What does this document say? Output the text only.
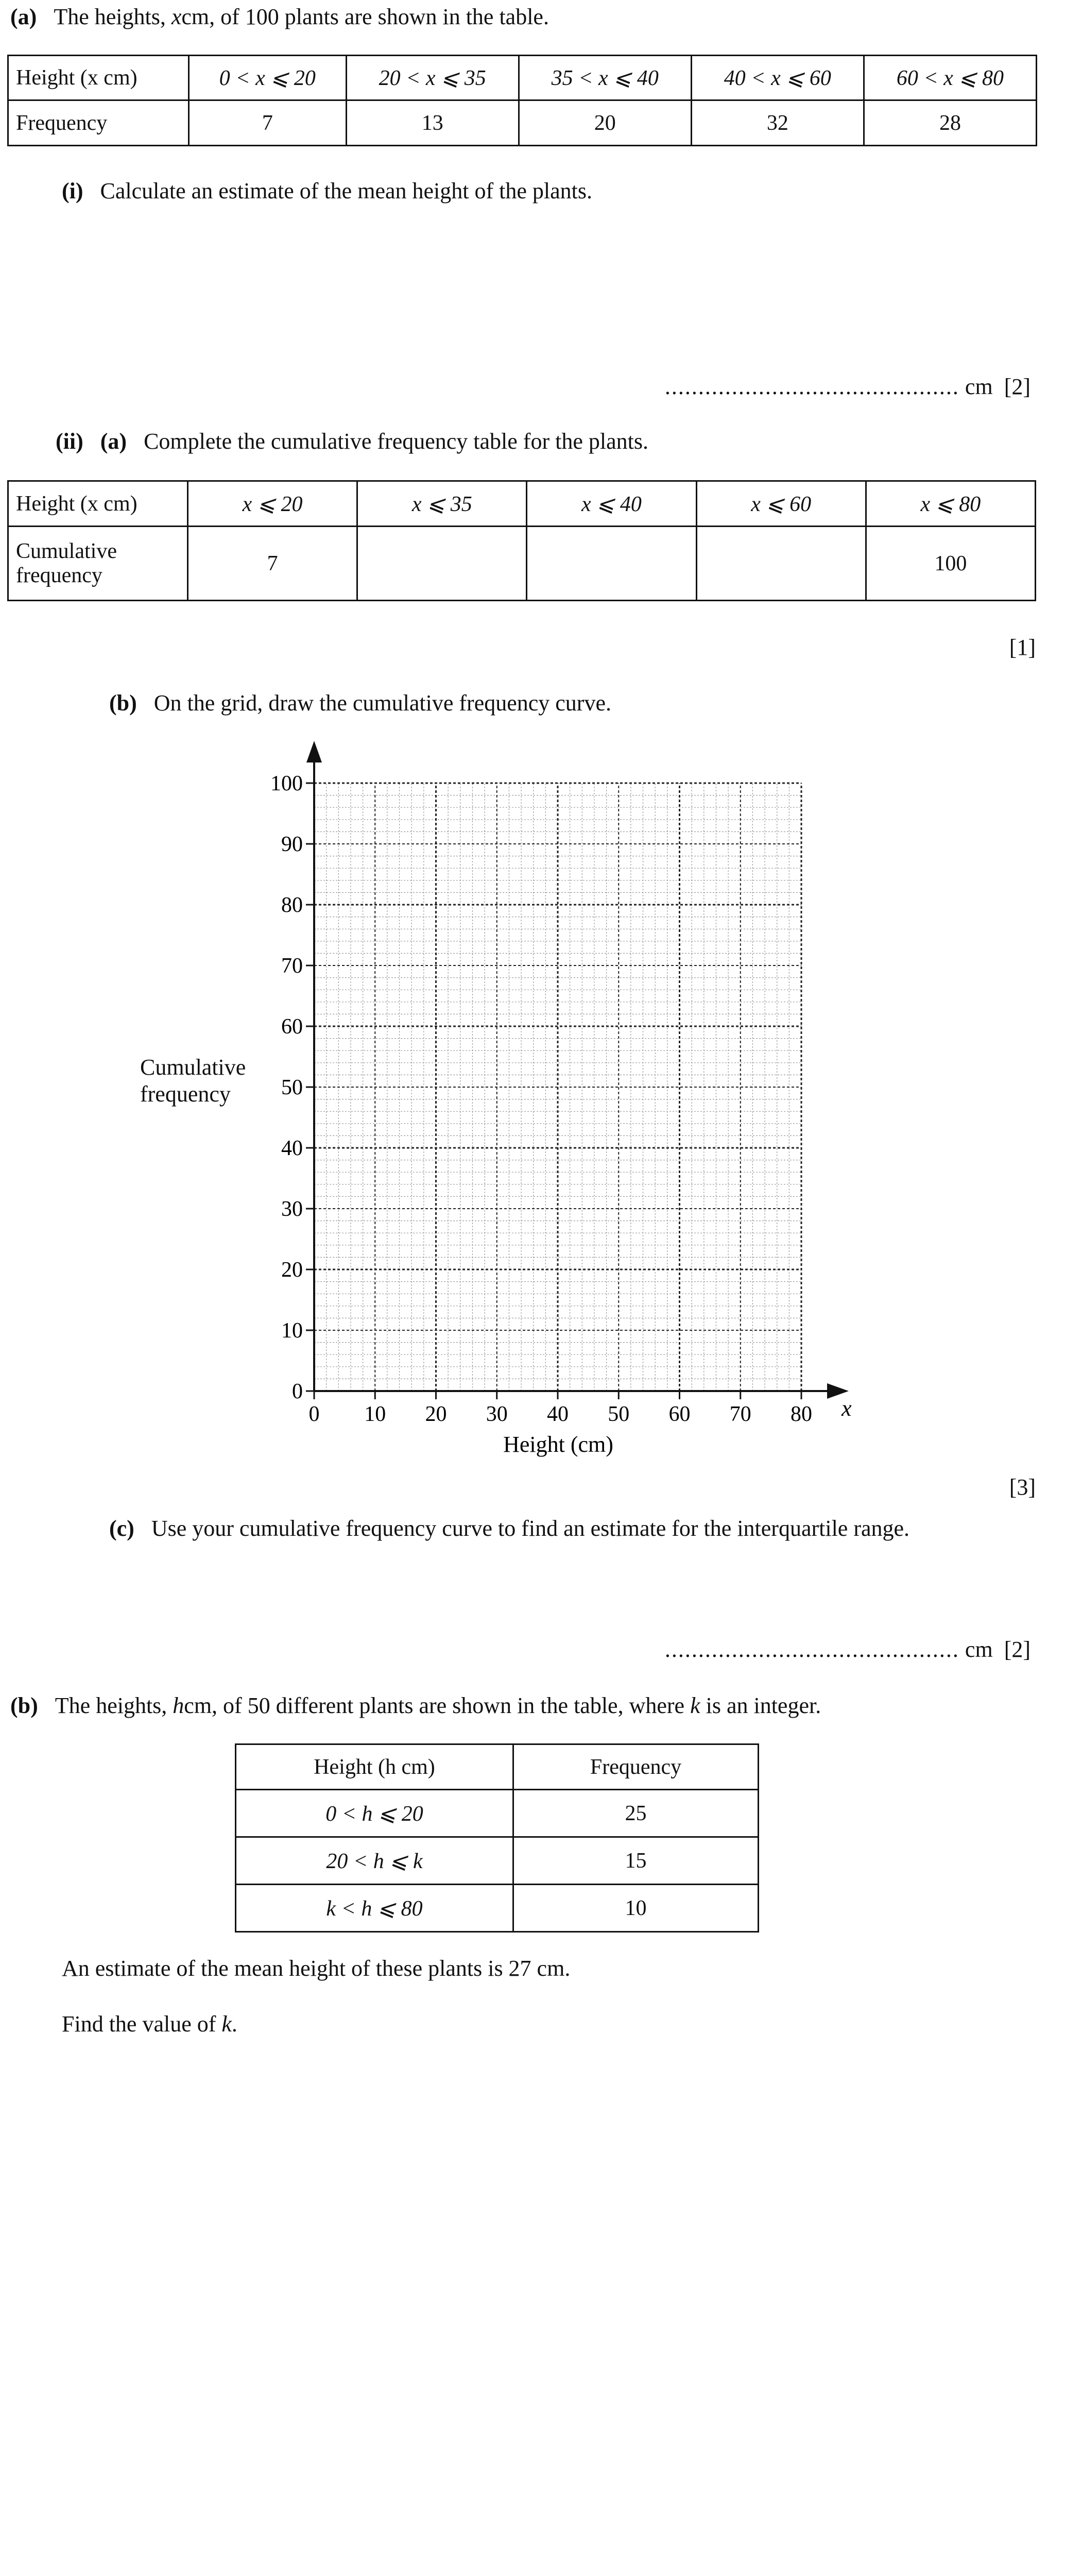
(a) The heights, xcm, of 100 plants are shown in the table.
Height (x cm)	0 < x ⩽ 20	20 < x ⩽ 35	35 < x ⩽ 40	40 < x ⩽ 60	60 < x ⩽ 80
Frequency	7	13	20	32	28
(i) Calculate an estimate of the mean height of the plants.
............................................ cm [2]
(ii) (a) Complete the cumulative frequency table for the plants.
Height (x cm)	x ⩽ 20	x ⩽ 35	x ⩽ 40	x ⩽ 60	x ⩽ 80
Cumulative
frequency	7				100
[1]
(b) On the grid, draw the cumulative frequency curve.
0
10
20
30
40
50
60
70
80
90
100
0 10 20 30 40 50 60 70 80 x
Height (cm)
Cumulative
frequency
[3]
(c) Use your cumulative frequency curve to find an estimate for the interquartile range.
............................................ cm [2]
(b) The heights, hcm, of 50 different plants are shown in the table, where k is an integer.
Height (h cm)	Frequency
0 < h ⩽ 20	25
20 < h ⩽ k	15
k < h ⩽ 80	10
An estimate of the mean height of these plants is 27 cm.
Find the value of k.
